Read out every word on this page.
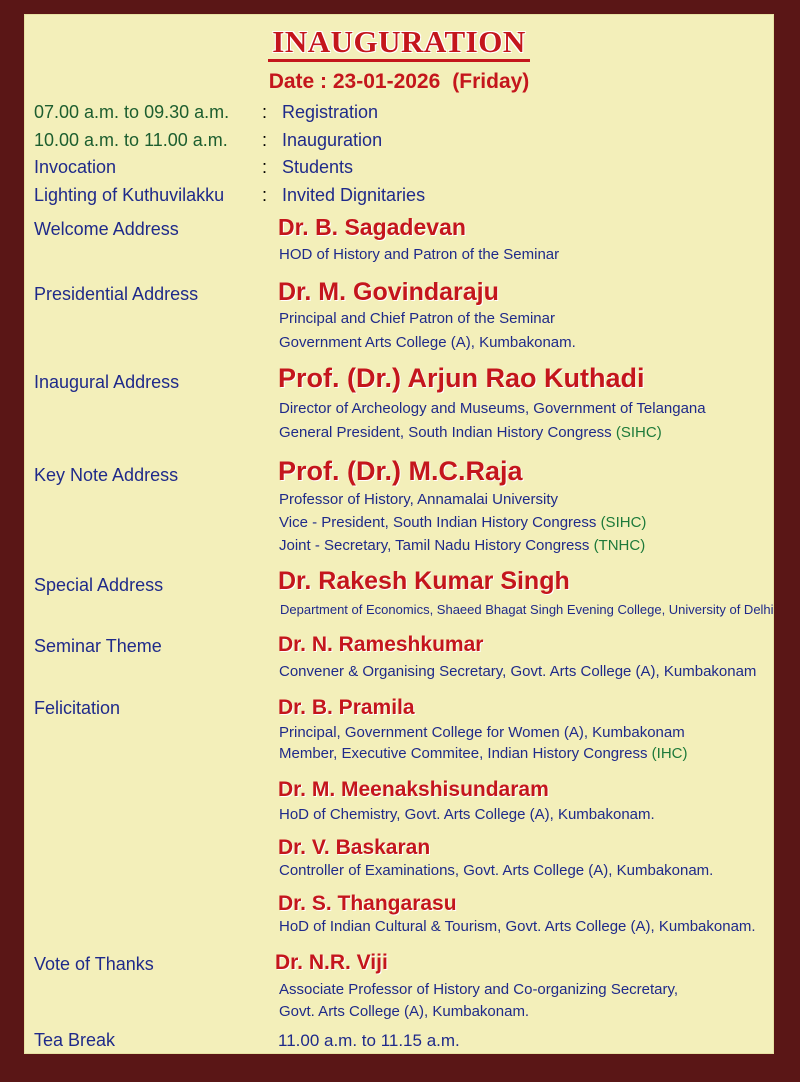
INAUGURATION
Date : 23-01-2026 (Friday)
07.00 a.m. to 09.30 a.m. : Registration
10.00 a.m. to 11.00 a.m. : Inauguration
Invocation	: Students
Lighting of Kuthuvilakku : Invited Dignitaries
Welcome Address	Dr. B. Sagadevan
HOD of History and Patron of the Seminar
Presidential Address	Dr. M. Govindaraju
Principal and Chief Patron of the Seminar
Government Arts College (A), Kumbakonam.
Inaugural Address	Prof. (Dr.) Arjun Rao Kuthadi
Director of Archeology and Museums, Government of Telangana
General President, South Indian History Congress (SIHC)
Key Note Address	Prof. (Dr.) M.C.Raja
Professor of History, Annamalai University
Vice - President, South Indian History Congress (SIHC)
Joint - Secretary, Tamil Nadu History Congress (TNHC)
Special Address	Dr. Rakesh Kumar Singh
Department of Economics, Shaeed Bhagat Singh Evening College, University of Delhi
Seminar Theme	Dr. N. Rameshkumar
Convener & Organising Secretary, Govt. Arts College (A), Kumbakonam
Felicitation	Dr. B. Pramila
Principal, Government College for Women (A), Kumbakonam
Member, Executive Commitee, Indian History Congress (IHC)
Dr. M. Meenakshisundaram
HoD of Chemistry, Govt. Arts College (A), Kumbakonam.
Dr. V. Baskaran
Controller of Examinations, Govt. Arts College (A), Kumbakonam.
Dr. S. Thangarasu
HoD of Indian Cultural & Tourism, Govt. Arts College (A), Kumbakonam.
Vote of Thanks	Dr. N.R. Viji
Associate Professor of History and Co-organizing Secretary,
Govt. Arts College (A), Kumbakonam.
Tea Break	11.00 a.m. to 11.15 a.m.
